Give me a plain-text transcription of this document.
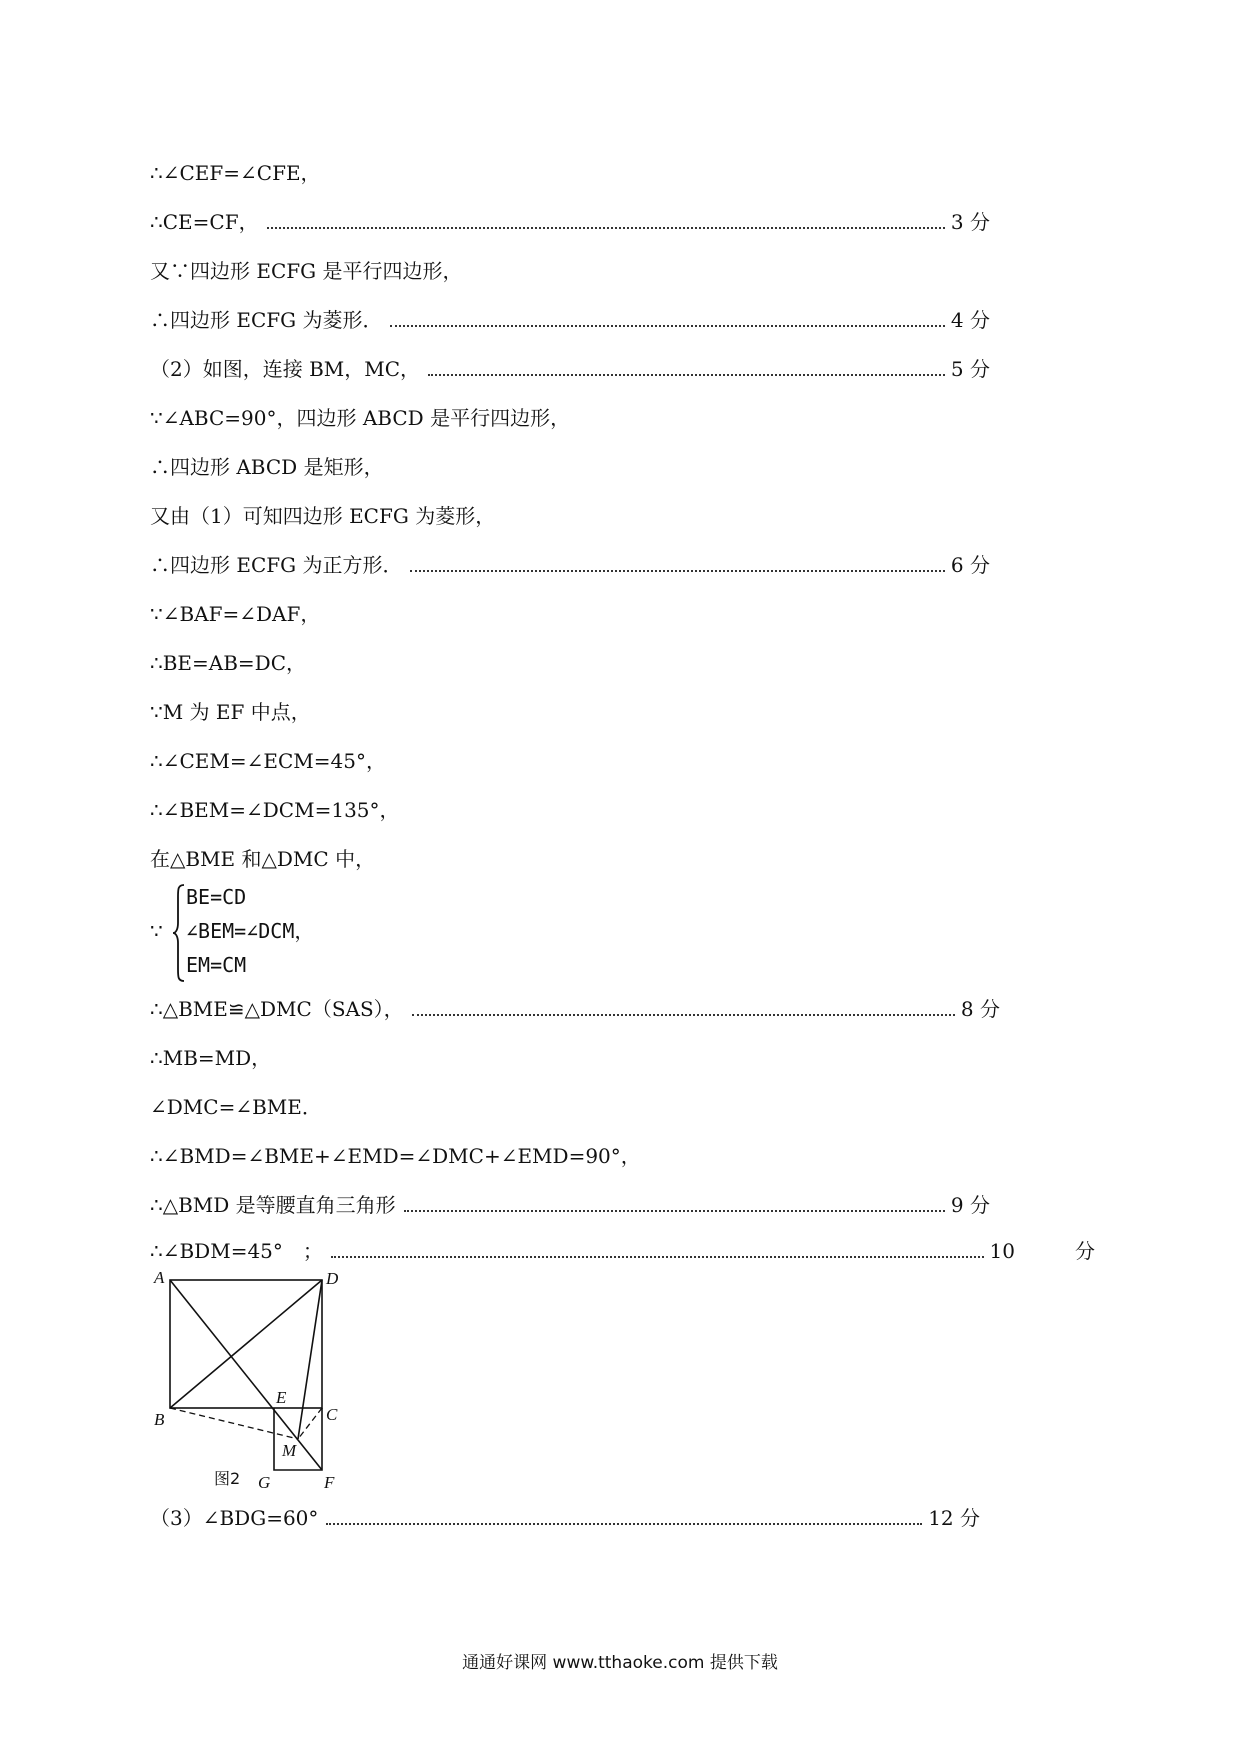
∴∠CEF=∠CFE，
∴CE=CF，	3 分
又∵四边形 ECFG 是平行四边形，
∴四边形 ECFG 为菱形．	4 分
（2）如图，连接 BM，MC，	5 分
∵∠ABC=90°，四边形 ABCD 是平行四边形，
∴四边形 ABCD 是矩形，
又由（1）可知四边形 ECFG 为菱形，
∴四边形 ECFG 为正方形．	6 分
∵∠BAF=∠DAF，
∴BE=AB=DC，
∵M 为 EF 中点，
∴∠CEM=∠ECM=45°，
∴∠BEM=∠DCM=135°，
在△BME 和△DMC 中，
∵
BE=CD
∠BEM=∠DCM，
EM=CM
∴△BME≌△DMC（SAS），	8 分
∴MB=MD，
∠DMC=∠BME．
∴∠BMD=∠BME+∠EMD=∠DMC+∠EMD=90°，
∴△BMD 是等腰直角三角形	9 分
∴∠BDM=45°　；	10　　　分
A	D
B	C
E
M
G	F
图2
（3）∠BDG=60°	12 分
通通好课网 www.tthaoke.com 提供下载
